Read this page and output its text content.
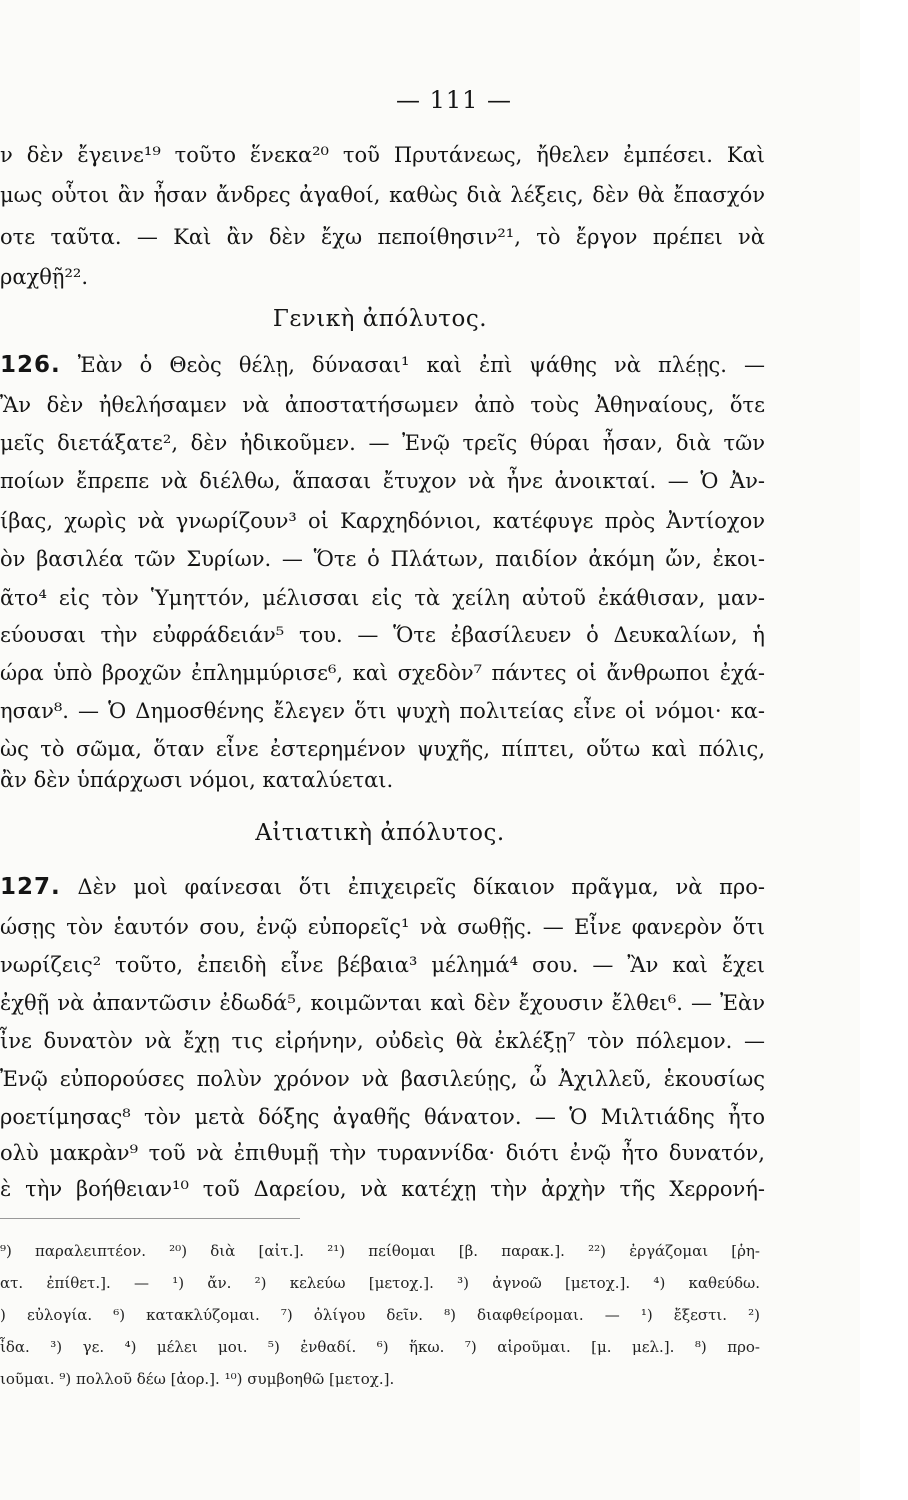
— 111 —
ν δὲν ἔγεινε¹⁹ τοῦτο ἕνεκα²⁰ τοῦ Πρυτάνεως, ἤθελεν ἐμπέσει. Καὶ
μως οὗτοι ἂν ἦσαν ἄνδρες ἀγαθοί, καθὼς διὰ λέξεις, δὲν θὰ ἔπασχόν
οτε ταῦτα. — Καὶ ἂν δὲν ἔχω πεποίθησιν²¹, τὸ ἔργον πρέπει νὰ
ραχθῇ²².
Γενικὴ ἀπόλυτος.
126. Ἐὰν ὁ Θεὸς θέλῃ, δύνασαι¹ καὶ ἐπὶ ψάθης νὰ πλέῃς. —
Ἂν δὲν ἠθελήσαμεν νὰ ἀποστατήσωμεν ἀπὸ τοὺς Ἀθηναίους, ὅτε
μεῖς διετάξατε², δὲν ἠδικοῦμεν. — Ἐνῷ τρεῖς θύραι ἦσαν, διὰ τῶν
ποίων ἔπρεπε νὰ διέλθω, ἅπασαι ἔτυχον νὰ ἦνε ἀνοικταί. — Ὁ Ἀν-
ίβας, χωρὶς νὰ γνωρίζουν³ οἱ Καρχηδόνιοι, κατέφυγε πρὸς Ἀντίοχον
ὸν βασιλέα τῶν Συρίων. — Ὅτε ὁ Πλάτων, παιδίον ἀκόμη ὤν, ἐκοι-
ᾶτο⁴ εἰς τὸν Ὑμηττόν, μέλισσαι εἰς τὰ χείλη αὐτοῦ ἐκάθισαν, μαν-
εύουσαι τὴν εὐφράδειάν⁵ του. — Ὅτε ἐβασίλευεν ὁ Δευκαλίων, ἡ
ώρα ὑπὸ βροχῶν ἐπλημμύρισε⁶, καὶ σχεδὸν⁷ πάντες οἱ ἄνθρωποι ἐχά-
ησαν⁸. — Ὁ Δημοσθένης ἔλεγεν ὅτι ψυχὴ πολιτείας εἶνε οἱ νόμοι· κα-
ὼς τὸ σῶμα, ὅταν εἶνε ἐστερημένον ψυχῆς, πίπτει, οὕτω καὶ πόλις,
ἂν δὲν ὑπάρχωσι νόμοι, καταλύεται.
Αἰτιατικὴ ἀπόλυτος.
127. Δὲν μοὶ φαίνεσαι ὅτι ἐπιχειρεῖς δίκαιον πρᾶγμα, νὰ προ-
ώσῃς τὸν ἑαυτόν σου, ἐνῷ εὐπορεῖς¹ νὰ σωθῇς. — Εἶνε φανερὸν ὅτι
νωρίζεις² τοῦτο, ἐπειδὴ εἶνε βέβαια³ μέλημά⁴ σου. — Ἂν καὶ ἔχει
ἐχθῇ νὰ ἀπαντῶσιν ἐδωδά⁵, κοιμῶνται καὶ δὲν ἔχουσιν ἔλθει⁶. — Ἐὰν
ἶνε δυνατὸν νὰ ἔχῃ τις εἰρήνην, οὐδεὶς θὰ ἐκλέξῃ⁷ τὸν πόλεμον. —
Ἐνῷ εὐπορούσες πολὺν χρόνον νὰ βασιλεύῃς, ὦ Ἀχιλλεῦ, ἑκουσίως
ροετίμησας⁸ τὸν μετὰ δόξης ἀγαθῆς θάνατον. — Ὁ Μιλτιάδης ἦτο
ολὺ μακρὰν⁹ τοῦ νὰ ἐπιθυμῇ τὴν τυραννίδα· διότι ἐνῷ ἦτο δυνατόν,
ὲ τὴν βοήθειαν¹⁰ τοῦ Δαρείου, νὰ κατέχῃ τὴν ἀρχὴν τῆς Χερρονή-
⁹) παραλειπτέον. ²⁰) διὰ [αἰτ.]. ²¹) πείθομαι [β. παρακ.]. ²²) ἐργάζομαι [ῥη-
ατ. ἐπίθετ.]. — ¹) ἄν. ²) κελεύω [μετοχ.]. ³) ἀγνοῶ [μετοχ.]. ⁴) καθεύδω.
) εὐλογία. ⁶) κατακλύζομαι. ⁷) ὀλίγου δεῖν. ⁸) διαφθείρομαι. — ¹) ἔξεστι. ²)
ἶδα. ³) γε. ⁴) μέλει μοι. ⁵) ἐνθαδί. ⁶) ἥκω. ⁷) αἱροῦμαι. [μ. μελ.]. ⁸) προ-
ιοῦμαι. ⁹) πολλοῦ δέω [ἀορ.]. ¹⁰) συμβοηθῶ [μετοχ.].
